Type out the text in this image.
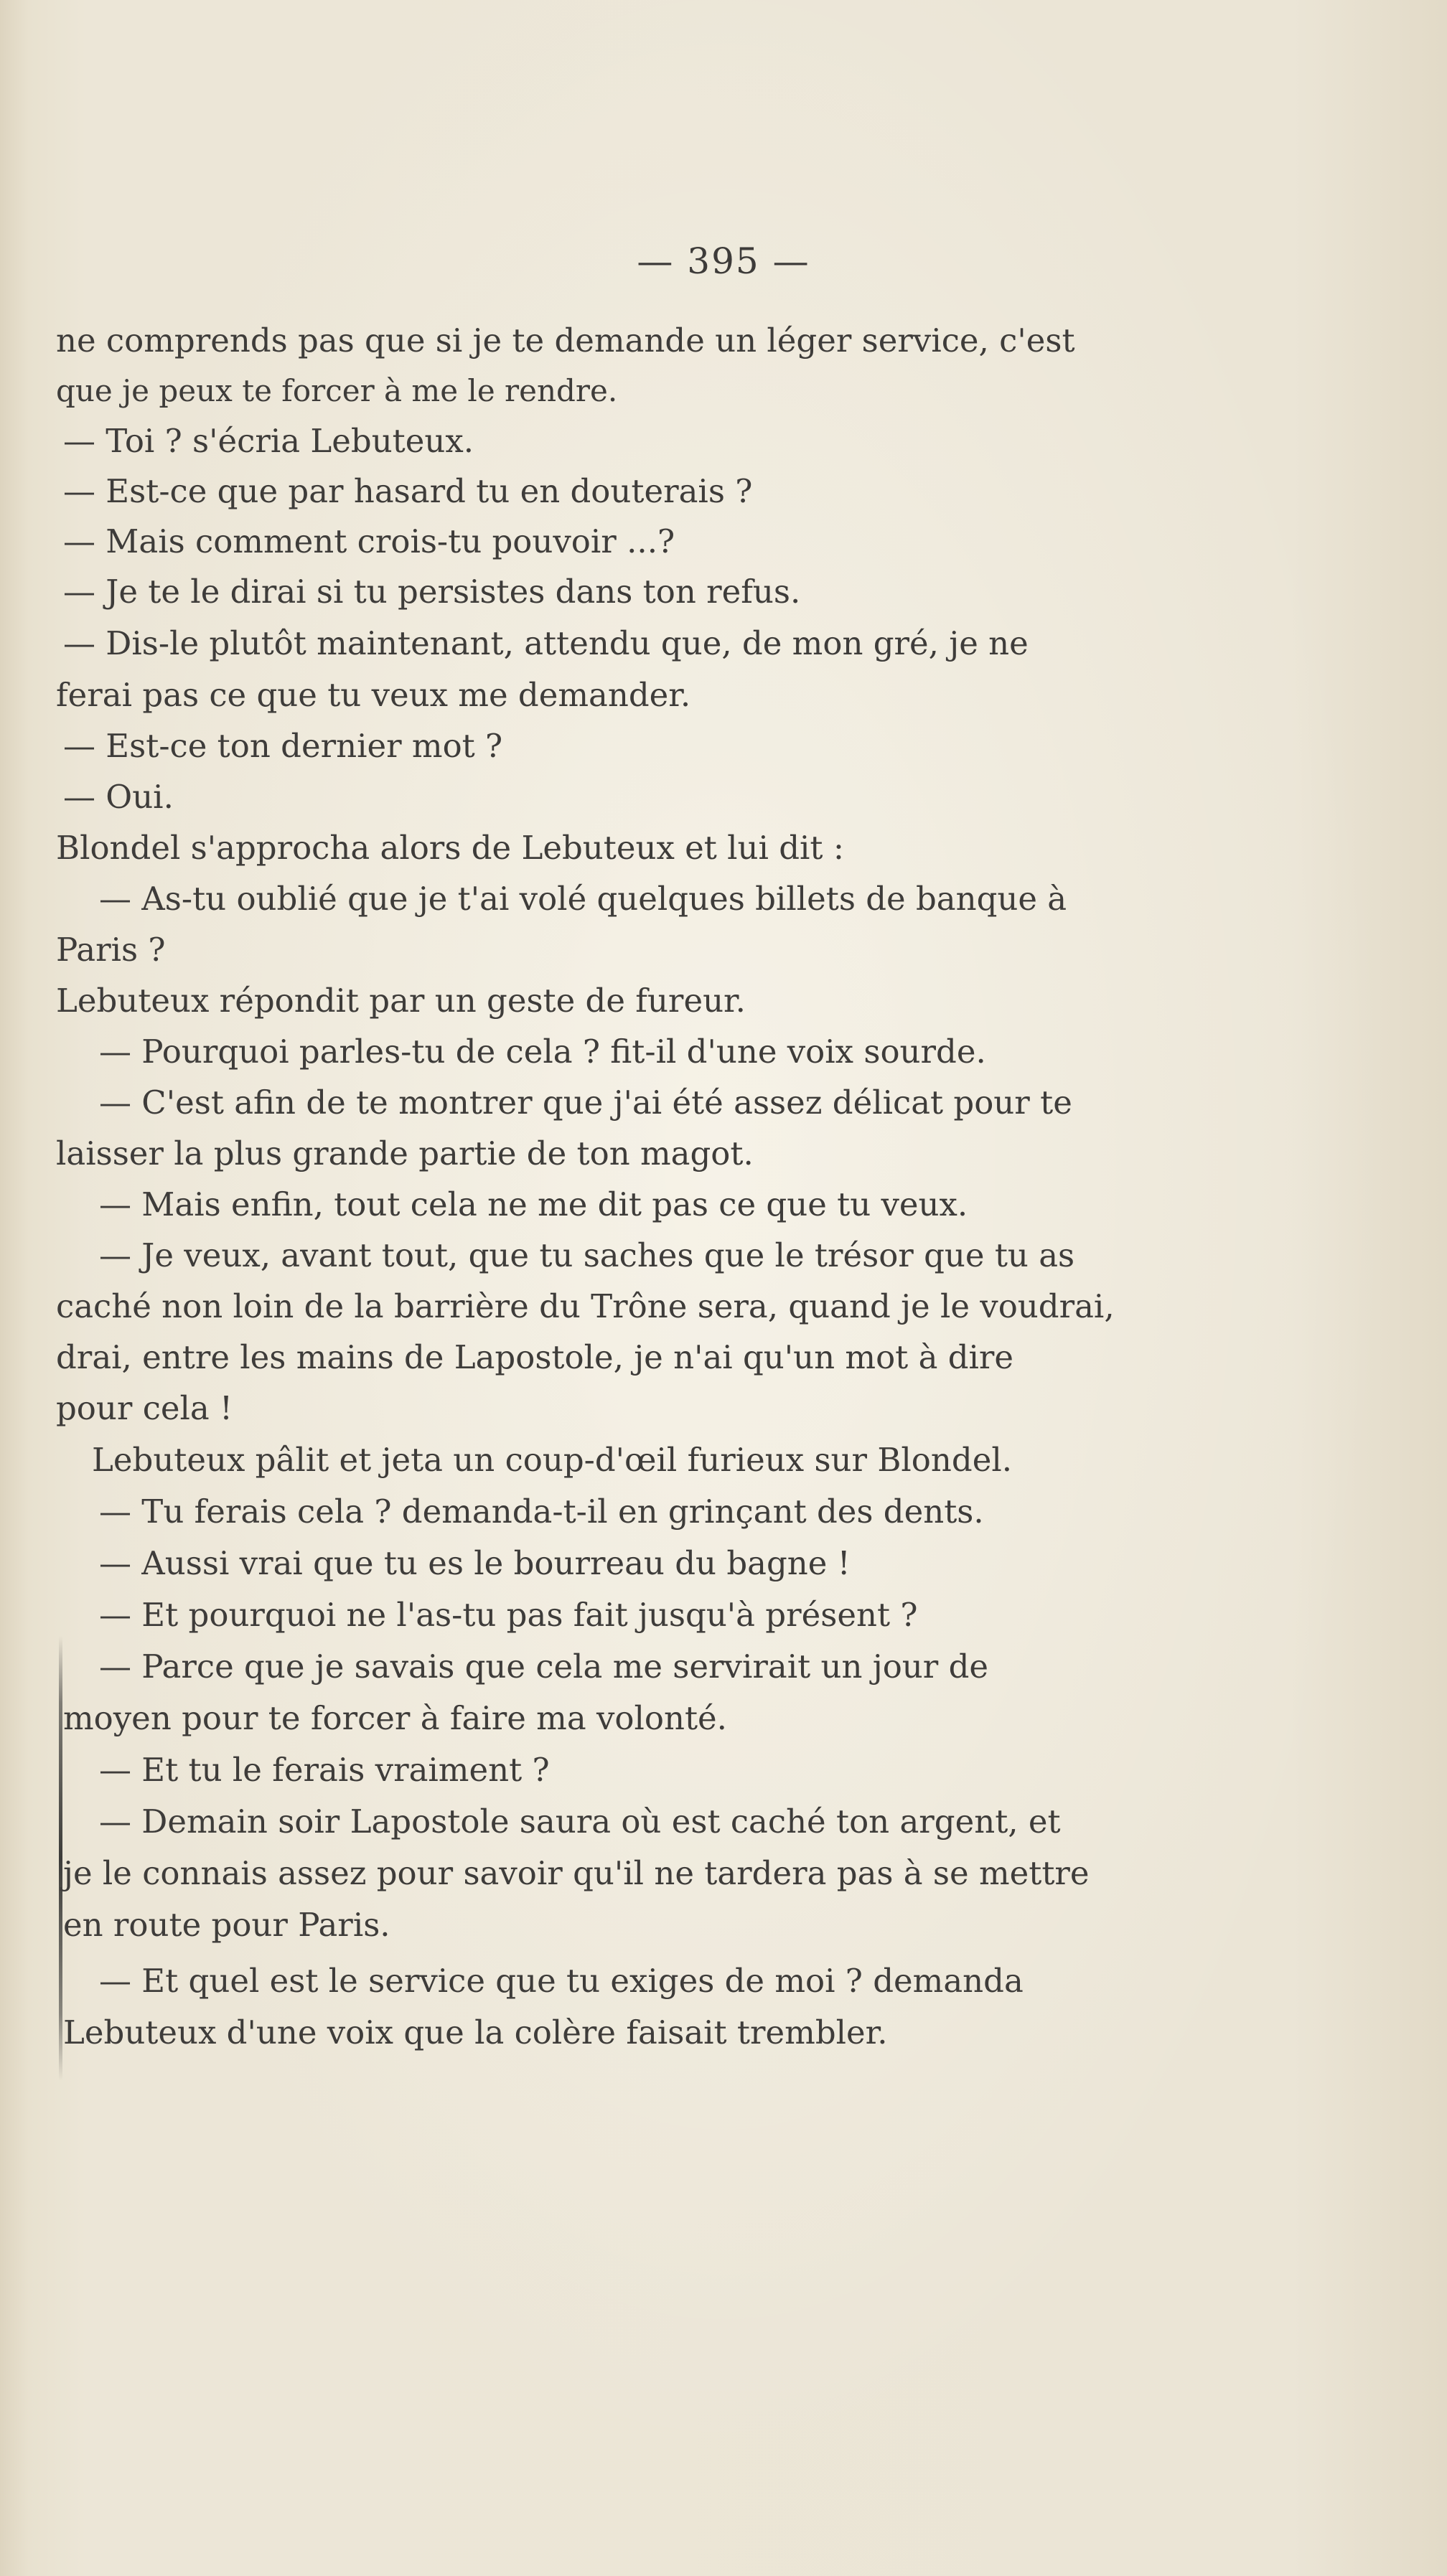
— 395 —
ne comprends pas que si je te demande un léger service, c'est
que je peux te forcer à me le rendre.
— Toi ? s'écria Lebuteux.
— Est-ce que par hasard tu en douterais ?
— Mais comment crois-tu pouvoir ...?
— Je te le dirai si tu persistes dans ton refus.
— Dis-le plutôt maintenant, attendu que, de mon gré, je ne
ferai pas ce que tu veux me demander.
— Est-ce ton dernier mot ?
— Oui.
Blondel s'approcha alors de Lebuteux et lui dit :
— As-tu oublié que je t'ai volé quelques billets de banque à
Paris ?
Lebuteux répondit par un geste de fureur.
— Pourquoi parles-tu de cela ? fit-il d'une voix sourde.
— C'est afin de te montrer que j'ai été assez délicat pour te
laisser la plus grande partie de ton magot.
— Mais enfin, tout cela ne me dit pas ce que tu veux.
— Je veux, avant tout, que tu saches que le trésor que tu as
caché non loin de la barrière du Trône sera, quand je le voudrai,
drai, entre les mains de Lapostole, je n'ai qu'un mot à dire
pour cela !
Lebuteux pâlit et jeta un coup-d'œil furieux sur Blondel.
— Tu ferais cela ? demanda-t-il en grinçant des dents.
— Aussi vrai que tu es le bourreau du bagne !
— Et pourquoi ne l'as-tu pas fait jusqu'à présent ?
— Parce que je savais que cela me servirait un jour de
moyen pour te forcer à faire ma volonté.
— Et tu le ferais vraiment ?
— Demain soir Lapostole saura où est caché ton argent, et
je le connais assez pour savoir qu'il ne tardera pas à se mettre
en route pour Paris.
— Et quel est le service que tu exiges de moi ? demanda
Lebuteux d'une voix que la colère faisait trembler.
